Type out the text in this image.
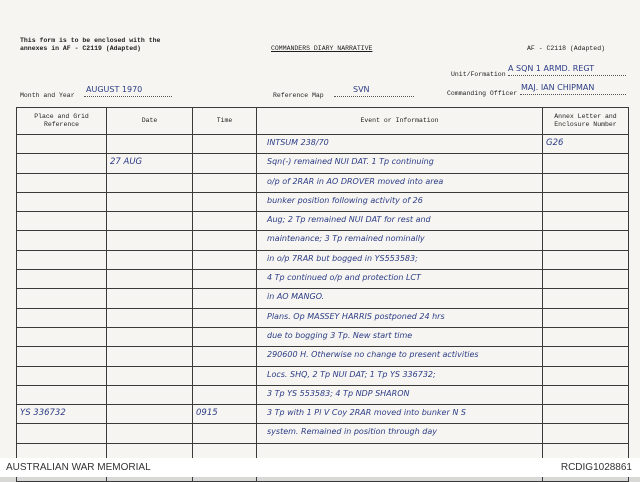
This form is to be enclosed with the
annexes in AF - C2119 (Adapted)	COMMANDERS DIARY NARRATIVE	AF - C2118 (Adapted)
Unit/Formation
A SQN 1 ARMD. REGT
Month and Year
AUGUST 1970
Reference Map
SVN	Commanding Officer
MAJ. IAN CHIPMAN
Place and Grid Reference	Date	Time	Event or Information	Annex Letter and Enclosure Number

			INTSUM 238/70	G26

	27 AUG		Sqn(-) remained NUI DAT. 1 Tp continuing	

			o/p of 2RAR in AO DROVER moved into area	

			bunker position following activity of 26	

			Aug; 2 Tp remained NUI DAT for rest and	

			maintenance; 3 Tp remained nominally	

			in o/p 7RAR but bogged in YS553583;	

			4 Tp continued o/p and protection LCT	

			in AO MANGO.	

			Plans. Op MASSEY HARRIS postponed 24 hrs	

			due to bogging 3 Tp. New start time	

			290600 H. Otherwise no change to present activities	

			Locs. SHQ, 2 Tp NUI DAT; 1 Tp YS 336732;	

			3 Tp YS 553583; 4 Tp NDP SHARON	

YS 336732		0915	3 Tp with 1 Pl V Coy 2RAR moved into bunker N S	

			system. Remained in position through day	

AUSTRALIAN WAR MEMORIAL	RCDIG1028861
